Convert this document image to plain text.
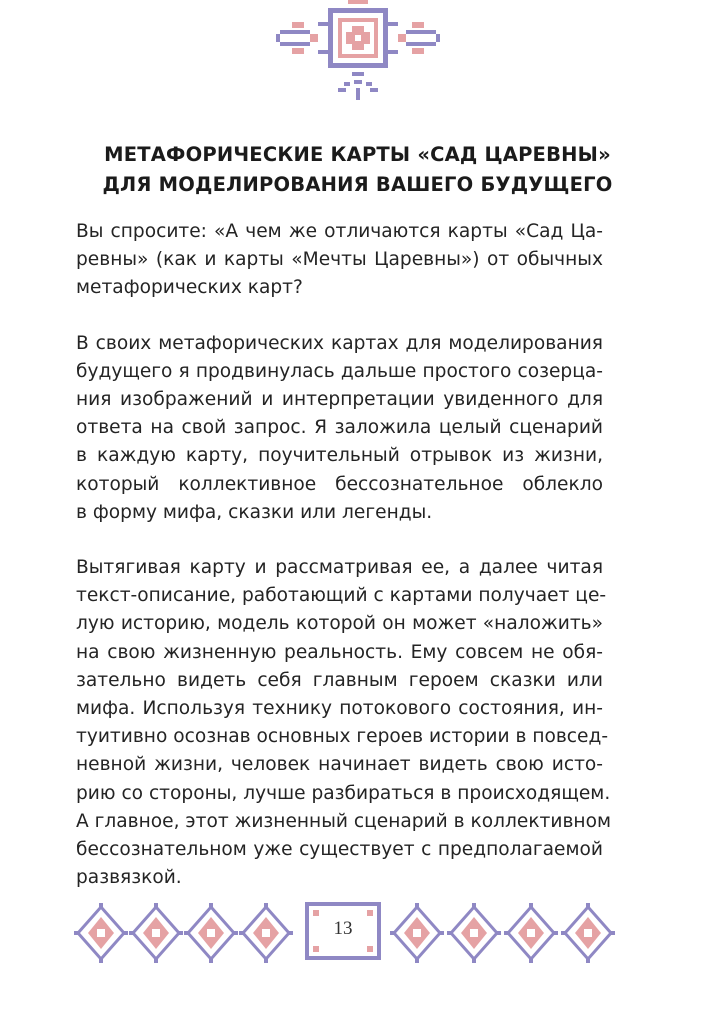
МЕТАФОРИЧЕСКИЕ КАРТЫ «САД ЦАРЕВНЫ»
ДЛЯ МОДЕЛИРОВАНИЯ ВАШЕГО БУДУЩЕГО
Вы спросите: «А чем же отличаются карты «Сад Ца-
ревны» (как и карты «Мечты Царевны») от обычных
метафорических карт?
В своих метафорических картах для моделирования
будущего я продвинулась дальше простого созерца-
ния изображений и интерпретации увиденного для
ответа на свой запрос. Я заложила целый сценарий
в каждую карту, поучительный отрывок из жизни,
который коллективное бессознательное облекло
в форму мифа, сказки или легенды.
Вытягивая карту и рассматривая ее, а далее читая
текст-описание, работающий с картами получает це-
лую историю, модель которой он может «наложить»
на свою жизненную реальность. Ему совсем не обя-
зательно видеть себя главным героем сказки или
мифа. Используя технику потокового состояния, ин-
туитивно осознав основных героев истории в повсед-
невной жизни, человек начинает видеть свою исто-
рию со стороны, лучше разбираться в происходящем.
А главное, этот жизненный сценарий в коллективном
бессознательном уже существует с предполагаемой
развязкой.
13
